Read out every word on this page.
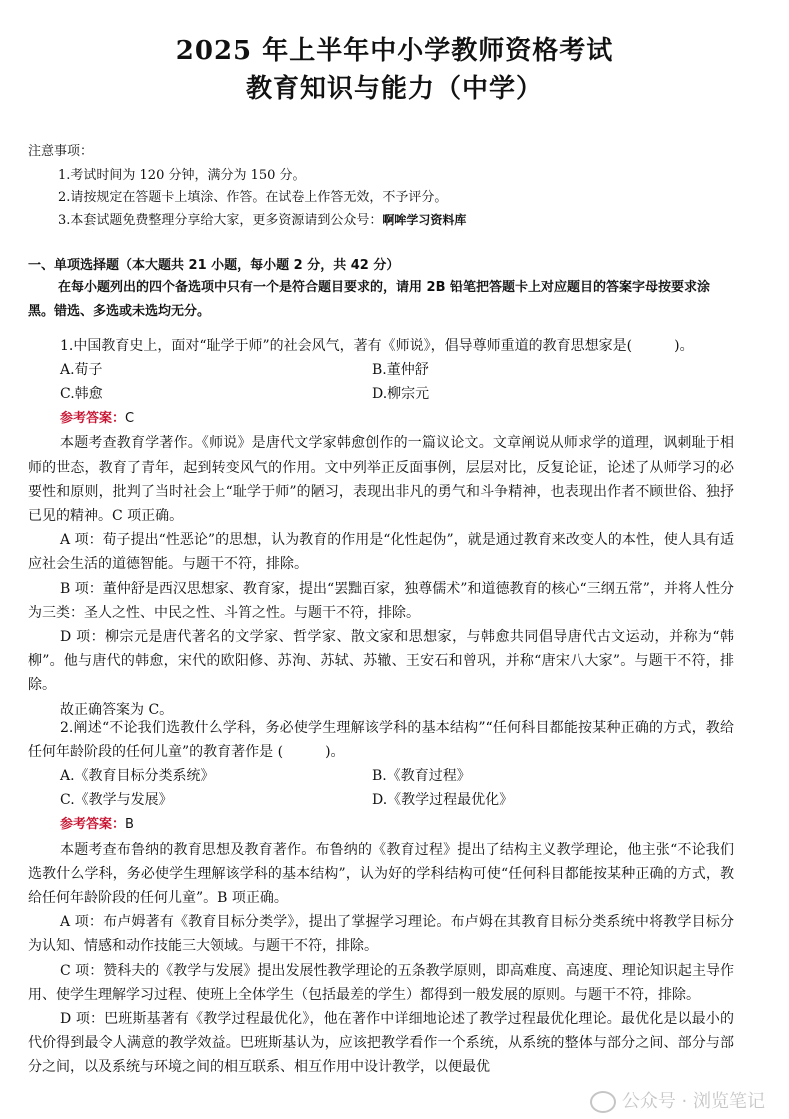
2025 年上半年中小学教师资格考试
教育知识与能力（中学）
注意事项：
1.考试时间为 120 分钟，满分为 150 分。
2.请按规定在答题卡上填涂、作答。在试卷上作答无效，不予评分。
3.本套试题免费整理分享给大家，更多资源请到公众号：啊哞学习资料库
一、单项选择题（本大题共 21 小题，每小题 2 分，共 42 分）
在每小题列出的四个备选项中只有一个是符合题目要求的，请用 2B 铅笔把答题卡上对应题目的答案字母按要求涂黑。错选、多选或未选均无分。

1.中国教育史上，面对“耻学于师”的社会风气，著有《师说》，倡导尊师重道的教育思想家是(　　　)。

A.荀子	B.董仲舒
C.韩愈	D.柳宗元

参考答案：C

本题考查教育学著作。《师说》是唐代文学家韩愈创作的一篇议论文。文章阐说从师求学的道理，讽刺耻于相师的世态，教育了青年，起到转变风气的作用。文中列举正反面事例，层层对比，反复论证，论述了从师学习的必要性和原则，批判了当时社会上“耻学于师”的陋习，表现出非凡的勇气和斗争精神，也表现出作者不顾世俗、独抒已见的精神。C 项正确。

A 项：荀子提出“性恶论”的思想，认为教育的作用是“化性起伪”，就是通过教育来改变人的本性，使人具有适应社会生活的道德智能。与题干不符，排除。

B 项：董仲舒是西汉思想家、教育家，提出“罢黜百家，独尊儒术”和道德教育的核心“三纲五常”，并将人性分为三类：圣人之性、中民之性、斗筲之性。与题干不符，排除。

D 项：柳宗元是唐代著名的文学家、哲学家、散文家和思想家，与韩愈共同倡导唐代古文运动，并称为“韩柳”。他与唐代的韩愈，宋代的欧阳修、苏洵、苏轼、苏辙、王安石和曾巩，并称“唐宋八大家”。与题干不符，排除。

故正确答案为 C。

2.阐述“不论我们选教什么学科，务必使学生理解该学科的基本结构”“任何科目都能按某种正确的方式，教给任何年龄阶段的任何儿童”的教育著作是 (　　　)。

A.《教育目标分类系统》	B.《教育过程》
C.《教学与发展》	D.《教学过程最优化》

参考答案：B

本题考查布鲁纳的教育思想及教育著作。布鲁纳的《教育过程》提出了结构主义教学理论，他主张“不论我们选教什么学科，务必使学生理解该学科的基本结构”，认为好的学科结构可使“任何科目都能按某种正确的方式，教给任何年龄阶段的任何儿童”。B 项正确。

A 项：布卢姆著有《教育目标分类学》，提出了掌握学习理论。布卢姆在其教育目标分类系统中将教学目标分为认知、情感和动作技能三大领域。与题干不符，排除。

C 项：赞科夫的《教学与发展》提出发展性教学理论的五条教学原则，即高难度、高速度、理论知识起主导作用、使学生理解学习过程、使班上全体学生（包括最差的学生）都得到一般发展的原则。与题干不符，排除。

D 项：巴班斯基著有《教学过程最优化》，他在著作中详细地论述了教学过程最优化理论。最优化是以最小的代价得到最令人满意的教学效益。巴班斯基认为，应该把教学看作一个系统，从系统的整体与部分之间、部分与部分之间，以及系统与环境之间的相互联系、相互作用中设计教学，以便最优

公众号 · 浏览笔记
